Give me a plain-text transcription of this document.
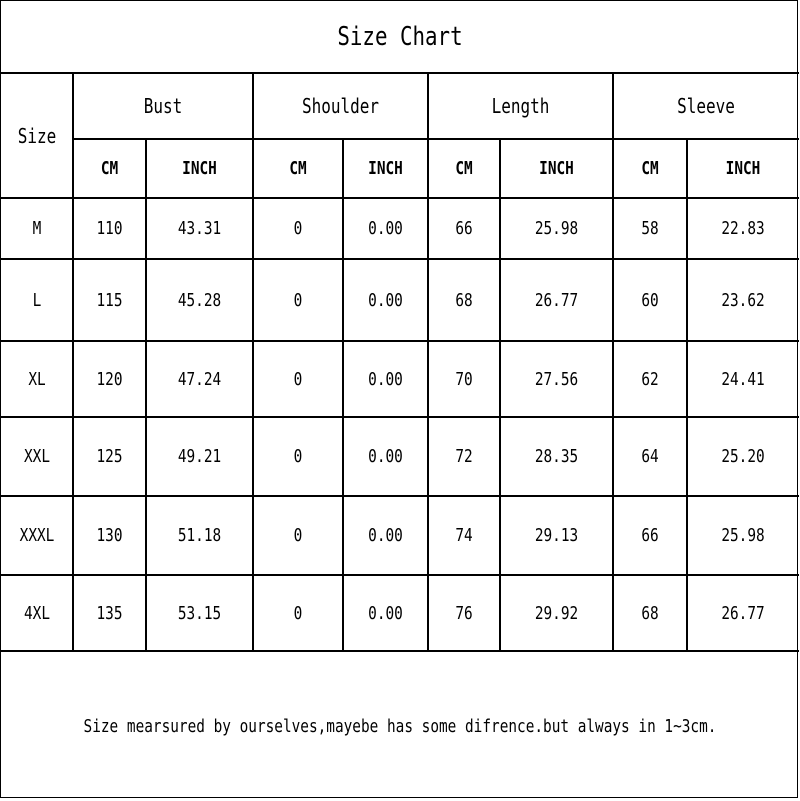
Size Chart
Size
Size mearsured by ourselves,mayebe has some difrence.but always in 1~3cm.
Bust	Shoulder	Length	Sleeve
CM	INCH	CM	INCH	CM	INCH	CM	INCH
M	110	43.31	0	0.00	66	25.98	58	22.83
L	115	45.28	0	0.00	68	26.77	60	23.62
XL	120	47.24	0	0.00	70	27.56	62	24.41
XXL	125	49.21	0	0.00	72	28.35	64	25.20
XXXL	130	51.18	0	0.00	74	29.13	66	25.98
4XL	135	53.15	0	0.00	76	29.92	68	26.77
